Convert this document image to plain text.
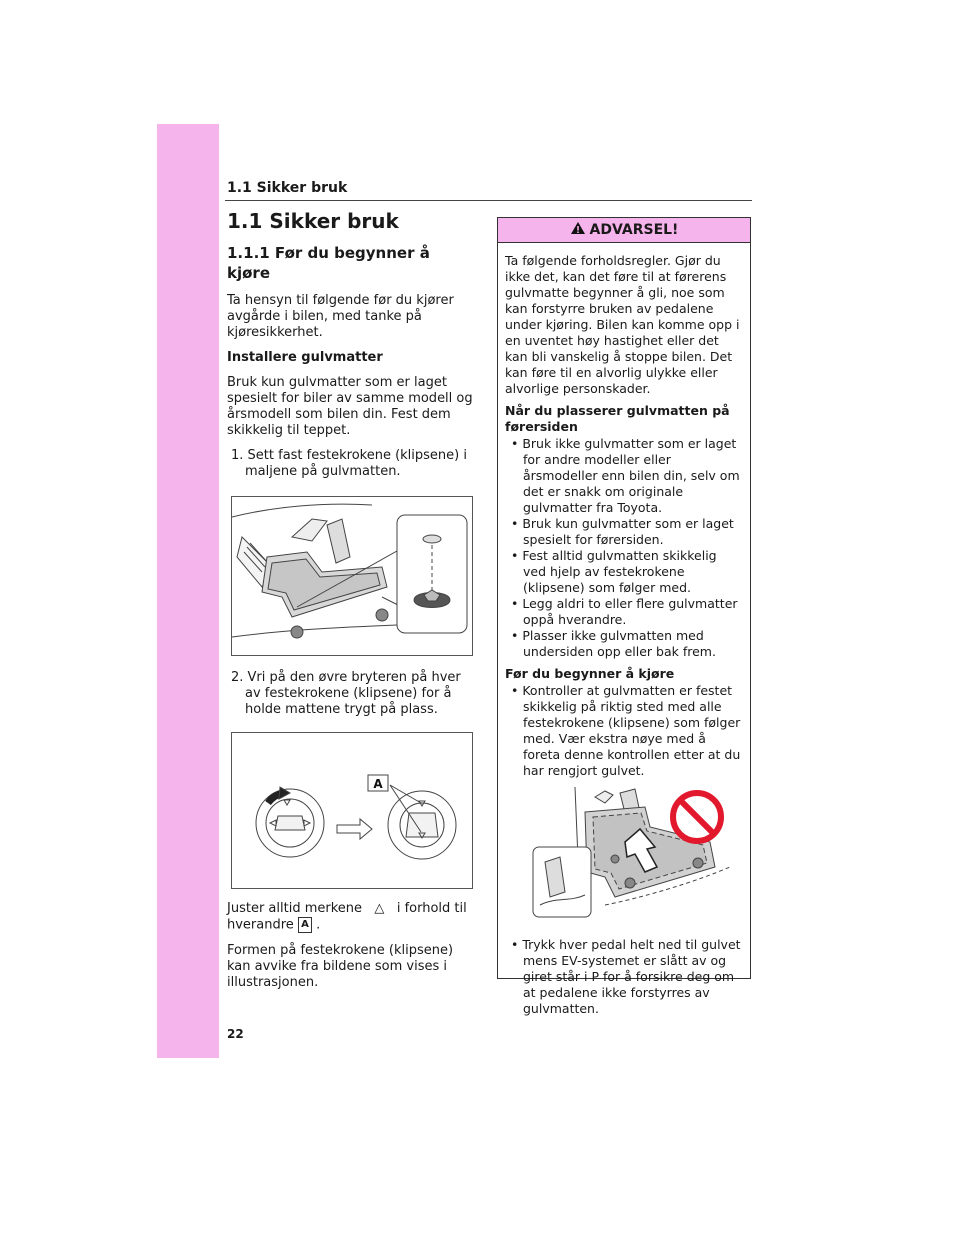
1.1 Sikker bruk
1.1 Sikker bruk
1.1.1 Før du begynner å kjøre

Ta hensyn til følgende før du kjører avgårde i bilen, med tanke på kjøresikkerhet.

Installere gulvmatter

Bruk kun gulvmatter som er laget spesielt for biler av samme modell og årsmodell som bilen din. Fest dem skikkelig til teppet.

1. Sett fast festekrokene (klipsene) i maljene på gulvmatten.

2. Vri på den øvre bryteren på hver av festekrokene (klipsene) for å holde mattene trygt på plass.

A

Juster alltid merkene △ i forhold til hverandre A .

Formen på festekrokene (klipsene) kan avvike fra bildene som vises i illustrasjonen.

ADVARSEL!

Ta følgende forholdsregler. Gjør du ikke det, kan det føre til at førerens gulvmatte begynner å gli, noe som kan forstyrre bruken av pedalene under kjøring. Bilen kan komme opp i en uventet høy hastighet eller det kan bli vanskelig å stoppe bilen. Det kan føre til en alvorlig ulykke eller alvorlige personskader.

Når du plasserer gulvmatten på førersiden

• Bruk ikke gulvmatter som er laget for andre modeller eller årsmodeller enn bilen din, selv om det er snakk om originale gulvmatter fra Toyota.

• Bruk kun gulvmatter som er laget spesielt for førersiden.

• Fest alltid gulvmatten skikkelig ved hjelp av festekrokene (klipsene) som følger med.

• Legg aldri to eller flere gulvmatter oppå hverandre.

• Plasser ikke gulvmatten med undersiden opp eller bak frem.

Før du begynner å kjøre

• Kontroller at gulvmatten er festet skikkelig på riktig sted med alle festekrokene (klipsene) som følger med. Vær ekstra nøye med å foreta denne kontrollen etter at du har rengjort gulvet.

• Trykk hver pedal helt ned til gulvet mens EV-systemet er slått av og giret står i P for å forsikre deg om at pedalene ikke forstyrres av gulvmatten.

22
